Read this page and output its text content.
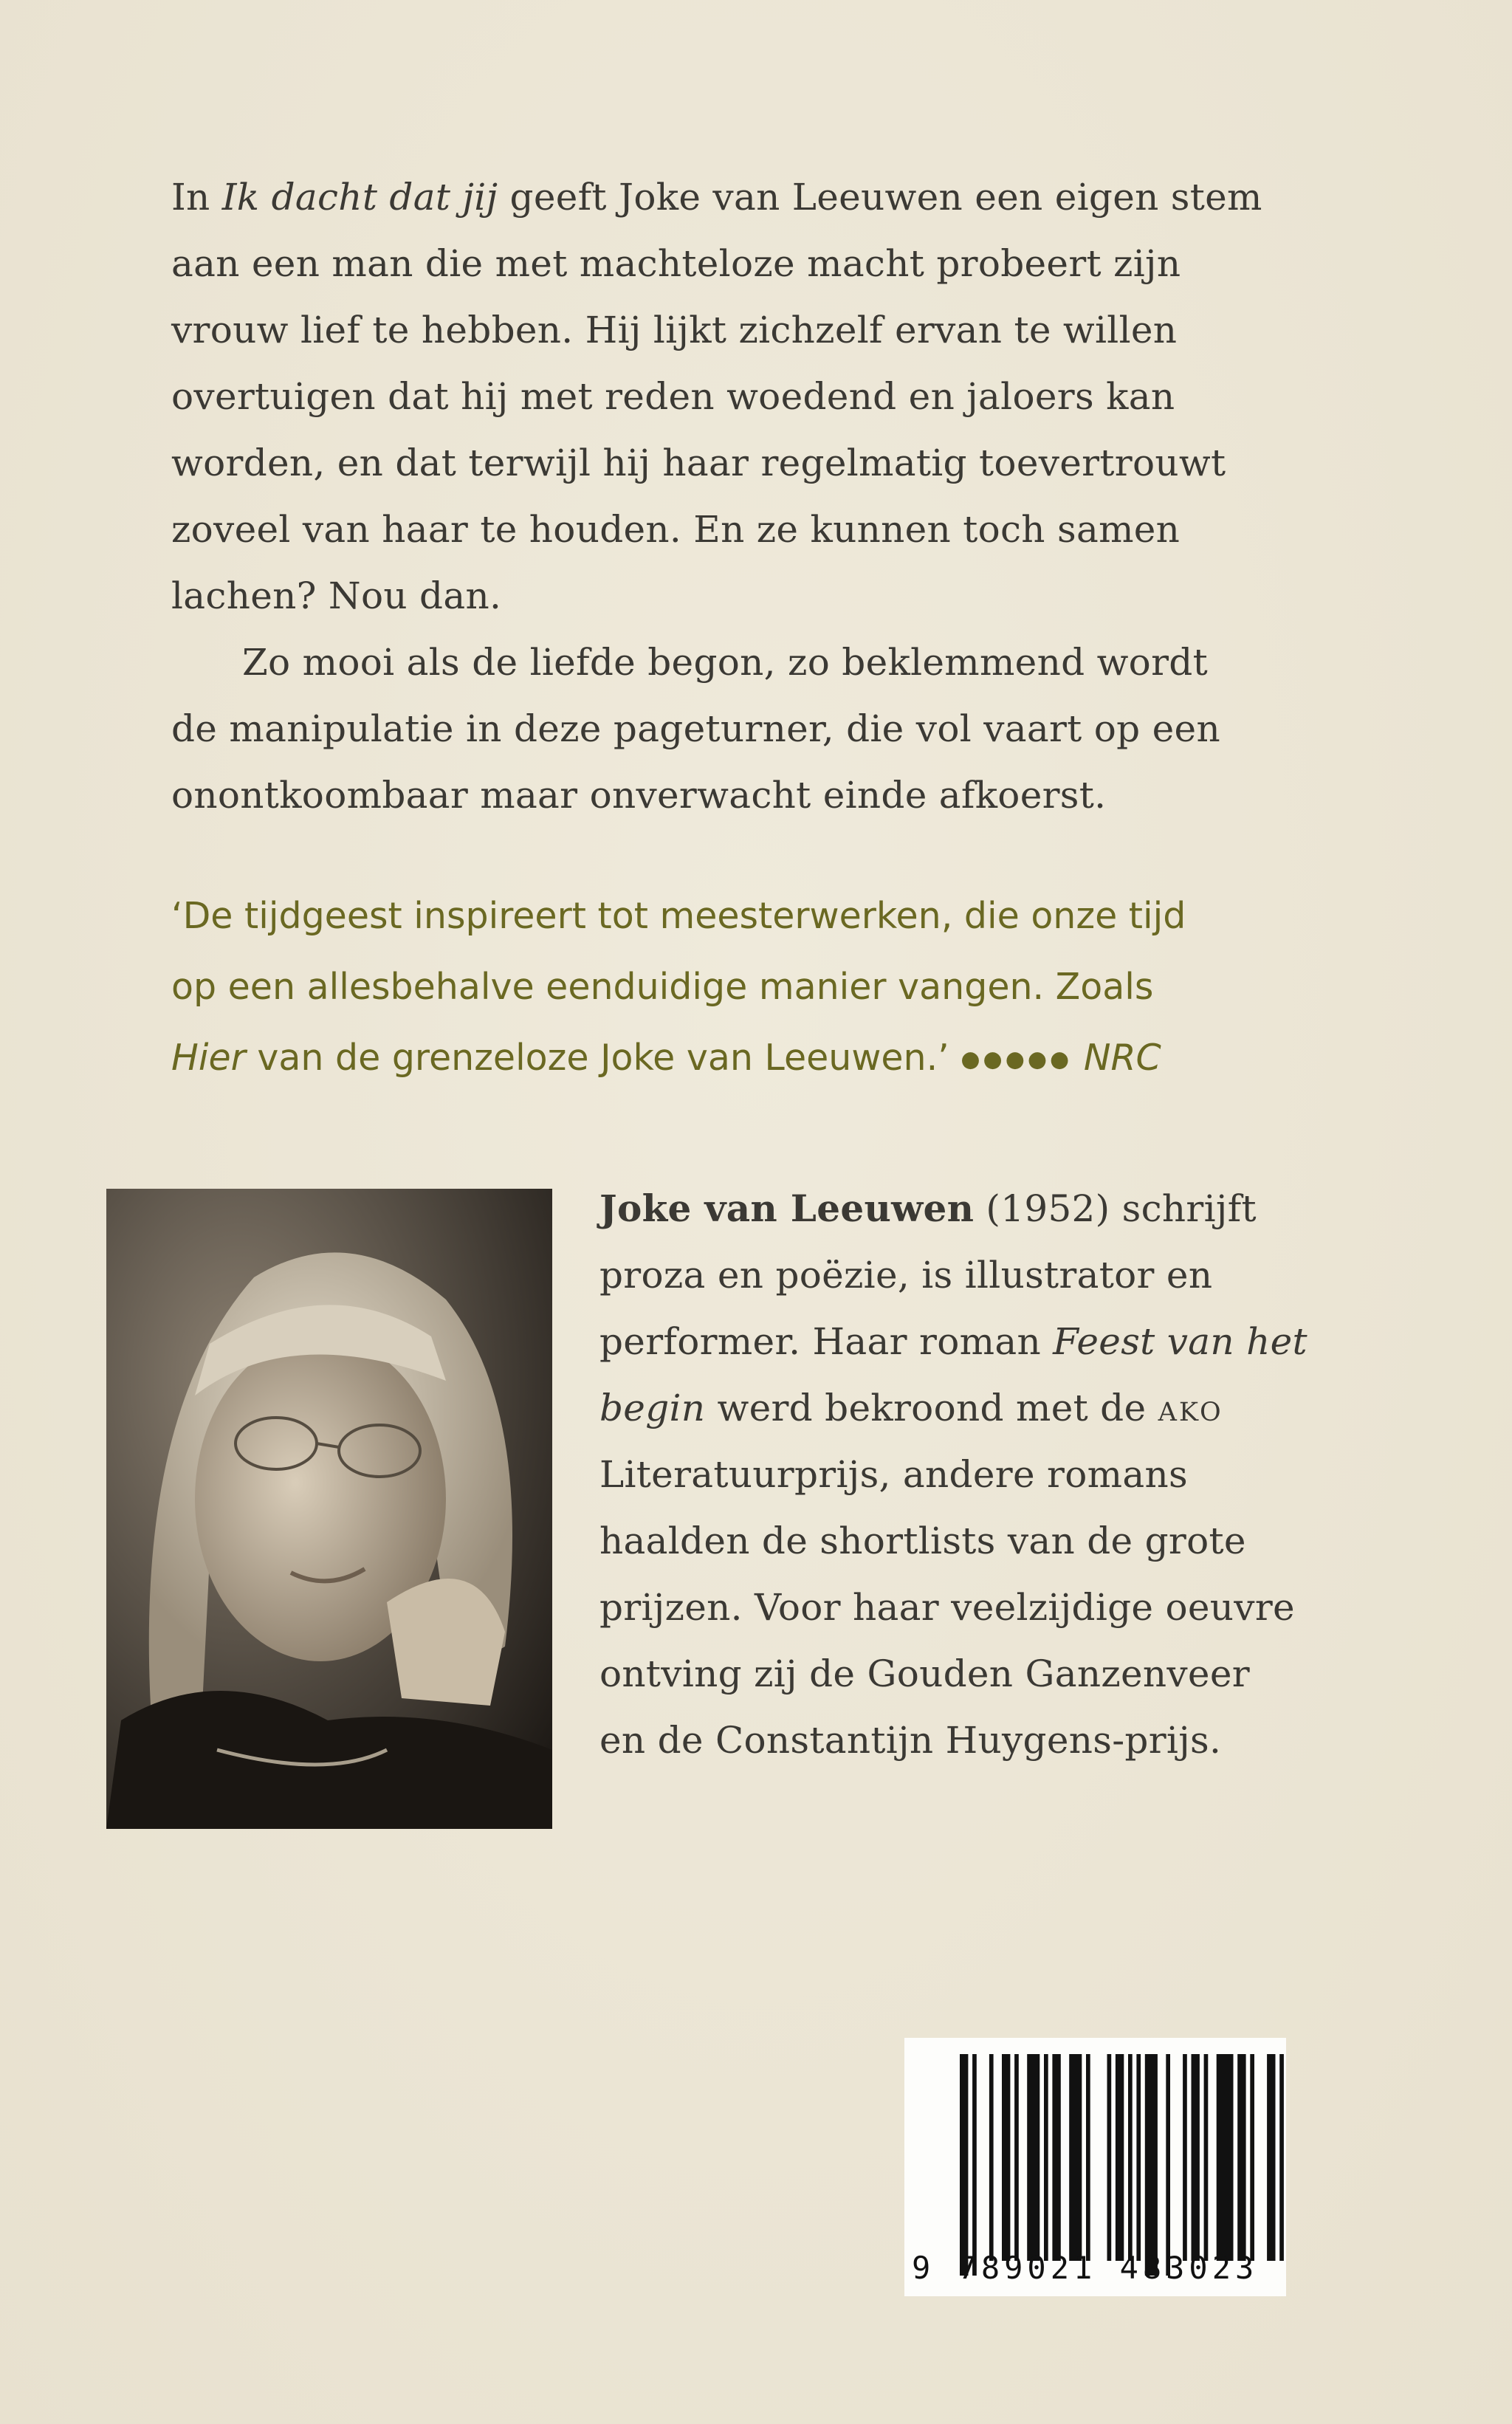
In Ik dacht dat jij geeft Joke van Leeuwen een eigen stem
aan een man die met machteloze macht probeert zijn
vrouw lief te hebben. Hij lijkt zichzelf ervan te willen
overtuigen dat hij met reden woedend en jaloers kan
worden, en dat terwijl hij haar regelmatig toevertrouwt
zoveel van haar te houden. En ze kunnen toch samen
lachen? Nou dan.
Zo mooi als de liefde begon, zo beklemmend wordt
de manipulatie in deze pageturner, die vol vaart op een
onontkoombaar maar onverwacht einde afkoerst.
‘De tijdgeest inspireert tot meesterwerken, die onze tijd
op een allesbehalve eenduidige manier vangen. Zoals
Hier van de grenzeloze Joke van Leeuwen.’ ●●●●● NRC
Joke van Leeuwen (1952) schrijft
proza en poëzie, is illustrator en
performer. Haar roman Feest van het
begin werd bekroond met de ako
Literatuurprijs, andere romans
haalden de shortlists van de grote
prijzen. Voor haar veelzijdige oeuvre
ontving zij de Gouden Ganzenveer
en de Constantijn Huygens-prijs.
9 789021 483023
